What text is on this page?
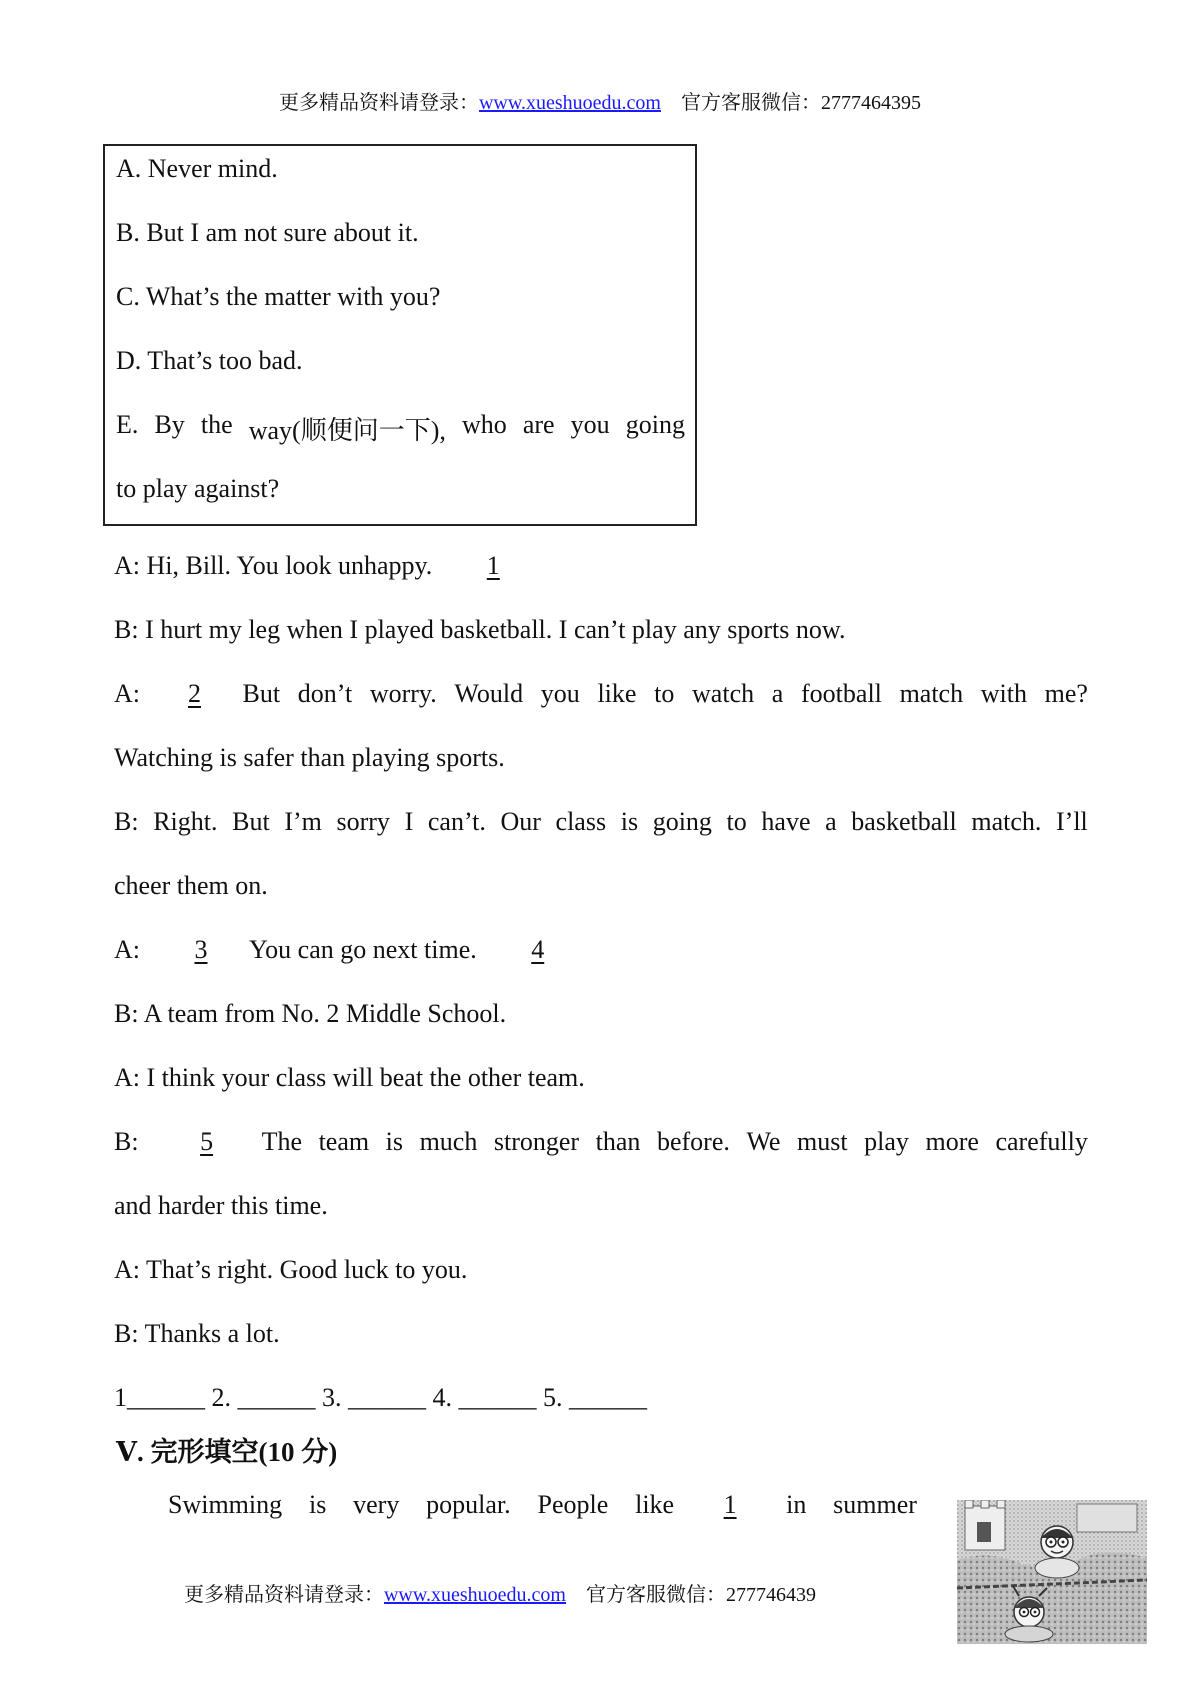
更多精品资料请登录：www.xueshuoedu.com 官方客服微信：2777464395
A. Never mind.
B. But I am not sure about it.
C. What’s the matter with you?
D. That’s too bad.
E. By the way(顺便问一下), who are you going
to play against?
A: Hi, Bill. You look unhappy. 1
B: I hurt my leg when I played basketball. I can’t play any sports now.
A: 2 But don’t worry. Would you like to watch a football match with me?
Watching is safer than playing sports.
B: Right. But I’m sorry I can’t. Our class is going to have a basketball match. I’ll
cheer them on.
A: 3 You can go next time. 4
B: A team from No. 2 Middle School.
A: I think your class will beat the other team.
B: 5 The team is much stronger than before. We must play more carefully
and harder this time.
A: That’s right. Good luck to you.
B: Thanks a lot.
1______ 2. ______ 3. ______ 4. ______ 5. ______
Ⅴ. 完形填空(10 分)
Swimming is very popular. People like 1 in summer
更多精品资料请登录：www.xueshuoedu.com 官方客服微信：277746439
